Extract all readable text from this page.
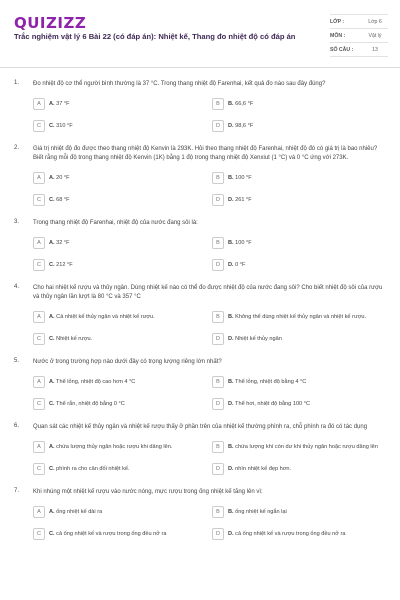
QUIZIZZ
Trắc nghiệm vật lý 6 Bài 22 (có đáp án): Nhiệt kế, Thang đo nhiệt độ có đáp án
LỚP :	Lớp 6
MÔN :	Vật lý
SỐ CÂU :	13
1. Đo nhiệt độ cơ thể người bình thường là 37 °C. Trong thang nhiệt độ Farenhai, kết quả đo nào sau đây đúng?
A	A. 37 °F	B	B. 66,6 °F
C	C. 310 °F	D	D. 98,6 °F
2. Giá trị nhiệt độ đo được theo thang nhiệt độ Kenvin là 293K. Hỏi theo thang nhiệt độ Farenhai, nhiệt độ đó có giá trị là bao nhiêu? Biết rằng mỗi độ trong thang nhiệt độ Kenvin (1K) bằng 1 độ trong thang nhiệt độ Xenxiut (1 °C) và 0 °C ứng với 273K.
A	A. 20 °F	B	B. 100 °F
C	C. 68 °F	D	D. 261 °F
3. Trong thang nhiệt độ Farenhai, nhiệt độ của nước đang sôi là:
A	A. 32 °F	B	B. 100 °F
C	C. 212 °F	D	D. 0 °F
4. Cho hai nhiệt kế rượu và thủy ngân. Dùng nhiệt kế nào có thể đo được nhiệt độ của nước đang sôi? Cho biết nhiệt độ sôi của rượu và thủy ngân lần lượt là 80 °C và 357 °C
A	A. Cả nhiệt kế thủy ngân và nhiệt kế rượu.	B	B. Không thể dùng nhiệt kế thủy ngân và nhiệt kế rượu.
C	C. Nhiệt kế rượu.	D	D. Nhiệt kế thủy ngân
5. Nước ở trong trường hợp nào dưới đây có trọng lượng riêng lớn nhất?
A	A. Thể lỏng, nhiệt độ cao hơn 4 °C	B	B. Thể lỏng, nhiệt độ bằng 4 °C
C	C. Thể rắn, nhiệt độ bằng 0 °C	D	D. Thể hơi, nhiệt độ bằng 100 °C
6. Quan sát các nhiệt kế thủy ngân và nhiệt kế rượu thấy ở phần trên của nhiệt kế thường phình ra, chỗ phình ra đó có tác dụng
A	A. chứa lượng thủy ngân hoặc rượu khi dâng lên.	B	B. chứa lượng khí còn dư khi thủy ngân hoặc rượu dâng lên
C	C. phình ra cho cân đối nhiệt kế.	D	D. nhìn nhiệt kế đẹp hơn.
7. Khi nhúng một nhiệt kế rượu vào nước nóng, mực rượu trong ống nhiệt kế tăng lên vì:
A	A. ống nhiệt kế dài ra	B	B. ống nhiệt kế ngắn lại
C	C. cả ống nhiệt kế và rượu trong ống đều nở ra	D	D. cả ống nhiệt kế và rượu trong ống đều nở ra
